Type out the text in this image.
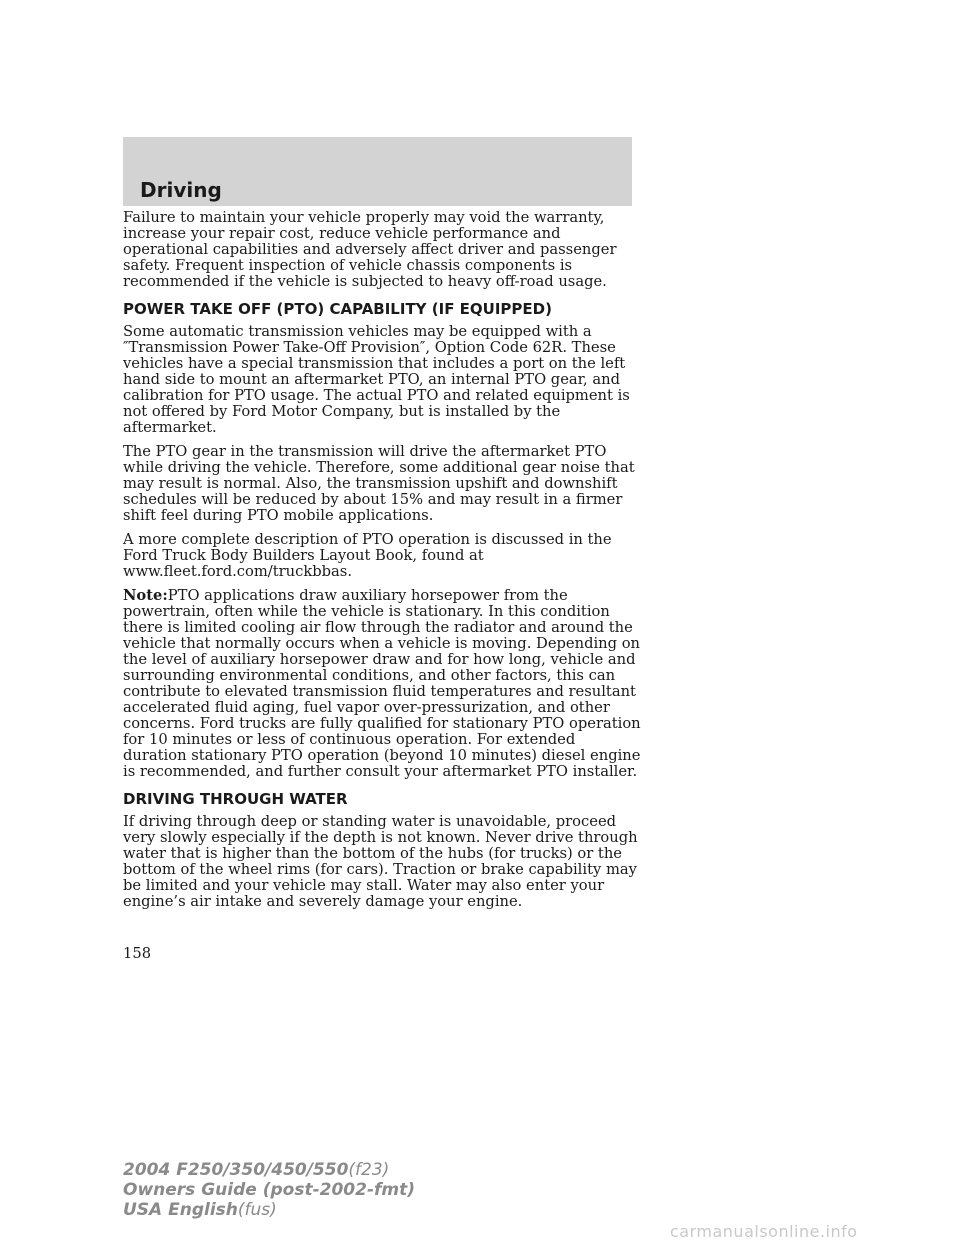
Driving

Failure to maintain your vehicle properly may void the warranty, increase your repair cost, reduce vehicle performance and operational capabilities and adversely affect driver and passenger safety. Frequent inspection of vehicle chassis components is recommended if the vehicle is subjected to heavy off-road usage.

POWER TAKE OFF (PTO) CAPABILITY (IF EQUIPPED)

Some automatic transmission vehicles may be equipped with a ″Transmission Power Take-Off Provision″, Option Code 62R. These vehicles have a special transmission that includes a port on the left hand side to mount an aftermarket PTO, an internal PTO gear, and calibration for PTO usage. The actual PTO and related equipment is not offered by Ford Motor Company, but is installed by the aftermarket.

The PTO gear in the transmission will drive the aftermarket PTO while driving the vehicle. Therefore, some additional gear noise that may result is normal. Also, the transmission upshift and downshift schedules will be reduced by about 15% and may result in a firmer shift feel during PTO mobile applications.

A more complete description of PTO operation is discussed in the Ford Truck Body Builders Layout Book, found at www.fleet.ford.com/truckbbas.

Note:PTO applications draw auxiliary horsepower from the powertrain, often while the vehicle is stationary. In this condition there is limited cooling air flow through the radiator and around the vehicle that normally occurs when a vehicle is moving. Depending on the level of auxiliary horsepower draw and for how long, vehicle and surrounding environmental conditions, and other factors, this can contribute to elevated transmission fluid temperatures and resultant accelerated fluid aging, fuel vapor over-pressurization, and other concerns. Ford trucks are fully qualified for stationary PTO operation for 10 minutes or less of continuous operation. For extended duration stationary PTO operation (beyond 10 minutes) diesel engine is recommended, and further consult your aftermarket PTO installer.

DRIVING THROUGH WATER

If driving through deep or standing water is unavoidable, proceed very slowly especially if the depth is not known. Never drive through water that is higher than the bottom of the hubs (for trucks) or the bottom of the wheel rims (for cars). Traction or brake capability may be limited and your vehicle may stall. Water may also enter your engine’s air intake and severely damage your engine.

158
2004 F250/350/450/550(f23)
Owners Guide (post-2002-fmt)
USA English(fus)
carmanualsonline.info
